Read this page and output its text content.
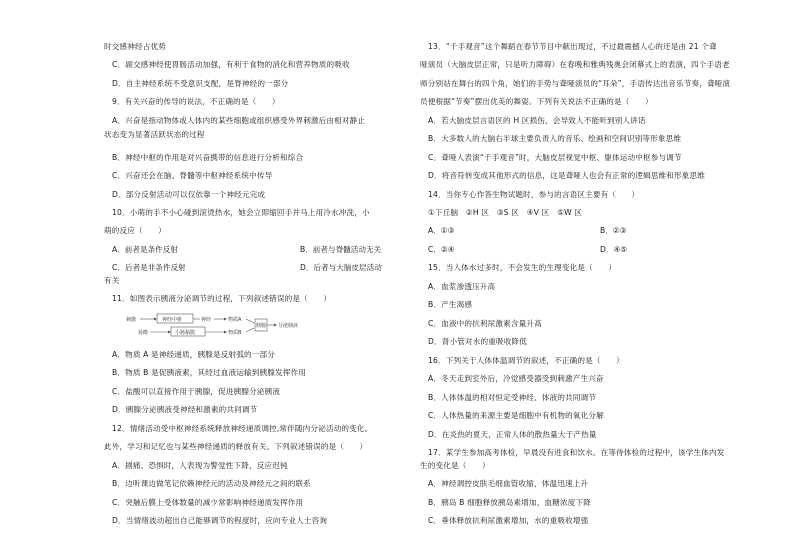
时交感神经占优势
C．副交感神经使胃肠活动加强，有利于食物的消化和营养物质的吸收
D．自主神经系统不受意识支配，是脊神经的一部分
9．有关兴奋的传导的说法，不正确的是（　　）
A．兴奋是指动物体或人体内的某些细胞或组织感受外界刺激后由相对静止
状态变为显著活跃状态的过程
B．神经中枢的作用是对兴奋携带的信息进行分析和综合
C．兴奋还会在脑、脊髓等中枢神经系统中传导
D．部分反射活动可以仅依靠一个神经元完成
10．小萌的手不小心碰到滚烫热水，她会立即缩回手并马上用冷水冲洗，小
萌的反应（　　）
有关
11．如图表示胰液分泌调节的过程，下列叙述错误的是（　　）
A．物质 A 是神经递质，胰腺是反射弧的一部分
B．物质 B 是促胰液素，其经过血液运输到胰腺发挥作用
C．盐酸可以直接作用于胰腺，促进胰腺分泌胰液
D．胰腺分泌胰液受神经和激素的共同调节
12．情绪活动受中枢神经系统释放神经递质调控,常伴随内分泌活动的变化。
此外，学习和记忆也与某些神经递质的释放有关。下列叙述错误的是（　　）
A．剧痛、恐惧时，人表现为警觉性下降，反应迟钝
B．边听课边做笔记依赖神经元的活动及神经元之间的联系
C．突触后膜上受体数量的减少常影响神经递质发挥作用
D．当情绪波动超出自己能够调节的程度时，应向专业人士咨询
A．前者是条件反射	B．前者与脊髓活动无关
C．后者是非条件反射	D．后者与大脑皮层活动
刺激	神经中枢	神经	物质A
盐酸	小肠黏膜	物质B
胰腺 分泌胰液
13．“千手观音”这个舞蹈在春节节目中献出现过，不过最震撼人心的还是由 21 个聋
哑演员（大脑皮层正常，只是听力障碍）在春晚和雅典残奥会闭幕式上的表演，四个手语老
师分别站在舞台的四个角，她们的手势与聋哑演员的“耳朵”，手语传达出音乐节奏，聋哑演
员便根据“节奏”摆出优美的舞姿。下列有关说法不正确的是（　　）
A．若大脑皮层言语区的 H 区损伤，会导致人不能听到别人讲话
B．大多数人的大脑右半球主要负责人的音乐、绘画和空间识别等形象思维
C．聋哑人表演“千手观音”时，大脑皮层视觉中枢、躯体运动中枢参与调节
D．将音符转变成其他形式的信息，这是聋哑人也会有正常的逻辑思维和形象思维
14．当你专心作答生物试题时，参与的言语区主要有（　　）
①下丘脑　②H 区　③S 区　④V 区　⑤W 区
15．当人体水过多时，不会发生的生理变化是（　　）
A．血浆渗透压升高
B．产生渴感
C．血液中的抗利尿激素含量升高
D．肾小管对水的重吸收降低
16．下列关于人体体温调节的叙述，不正确的是（　　）
A．冬天走到室外后，冷觉感受器受到刺激产生兴奋
B．人体体温的相对恒定受神经、体液的共同调节
C．人体热量的来源主要是细胞中有机物的氧化分解
D．在炎热的夏天，正常人体的散热量大于产热量
17．某学生参加高考体检，早晨没有进食和饮水。在等待体检的过程中，该学生体内发
生的变化是（　　）
A．神经调控皮肤毛细血管收缩，体温迅速上升
B．胰岛 B 细胞释放胰岛素增加，血糖浓度下降
C．垂体释放抗利尿激素增加，水的重吸收增强
A．①③	B．②③
C．②④	D．④⑤
